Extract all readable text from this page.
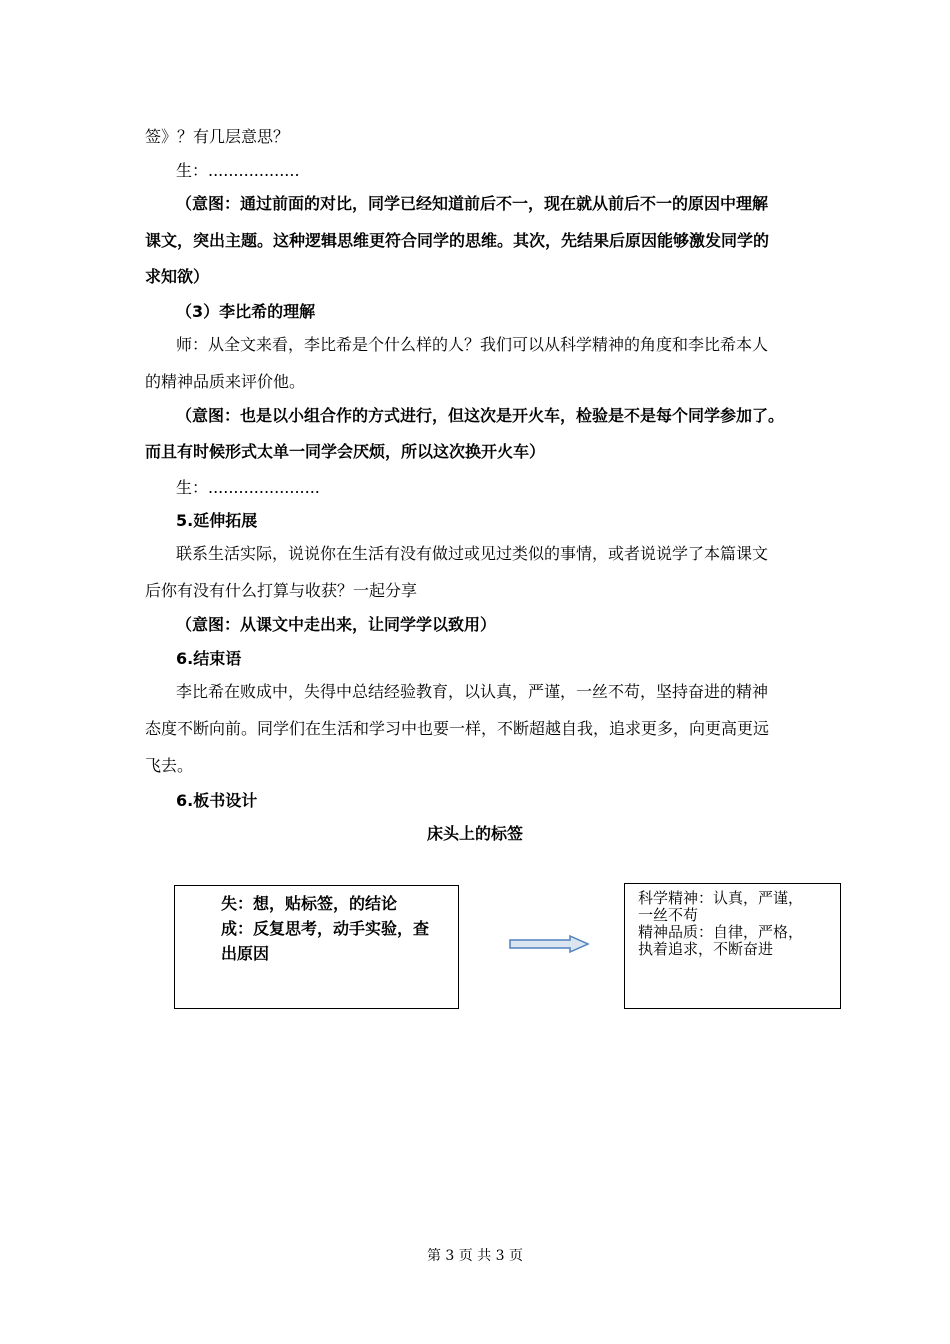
签》？有几层意思？
生：..................
（意图：通过前面的对比，同学已经知道前后不一，现在就从前后不一的原因中理解
课文，突出主题。这种逻辑思维更符合同学的思维。其次，先结果后原因能够激发同学的
求知欲）
（3）李比希的理解
师：从全文来看，李比希是个什么样的人？我们可以从科学精神的角度和李比希本人
的精神品质来评价他。
（意图：也是以小组合作的方式进行，但这次是开火车，检验是不是每个同学参加了。
而且有时候形式太单一同学会厌烦，所以这次换开火车）
生：......................
5.延伸拓展
联系生活实际，说说你在生活有没有做过或见过类似的事情，或者说说学了本篇课文
后你有没有什么打算与收获？一起分享
（意图：从课文中走出来，让同学学以致用）
6.结束语
李比希在败成中，失得中总结经验教育，以认真，严谨，一丝不苟，坚持奋进的精神
态度不断向前。同学们在生活和学习中也要一样，不断超越自我，追求更多，向更高更远
飞去。
6.板书设计
床头上的标签
失：想，贴标签，的结论
成：反复思考，动手实验，查
出原因
科学精神：认真，严谨，
一丝不苟
精神品质：自律，严格，
执着追求，不断奋进
第 3 页 共 3 页
